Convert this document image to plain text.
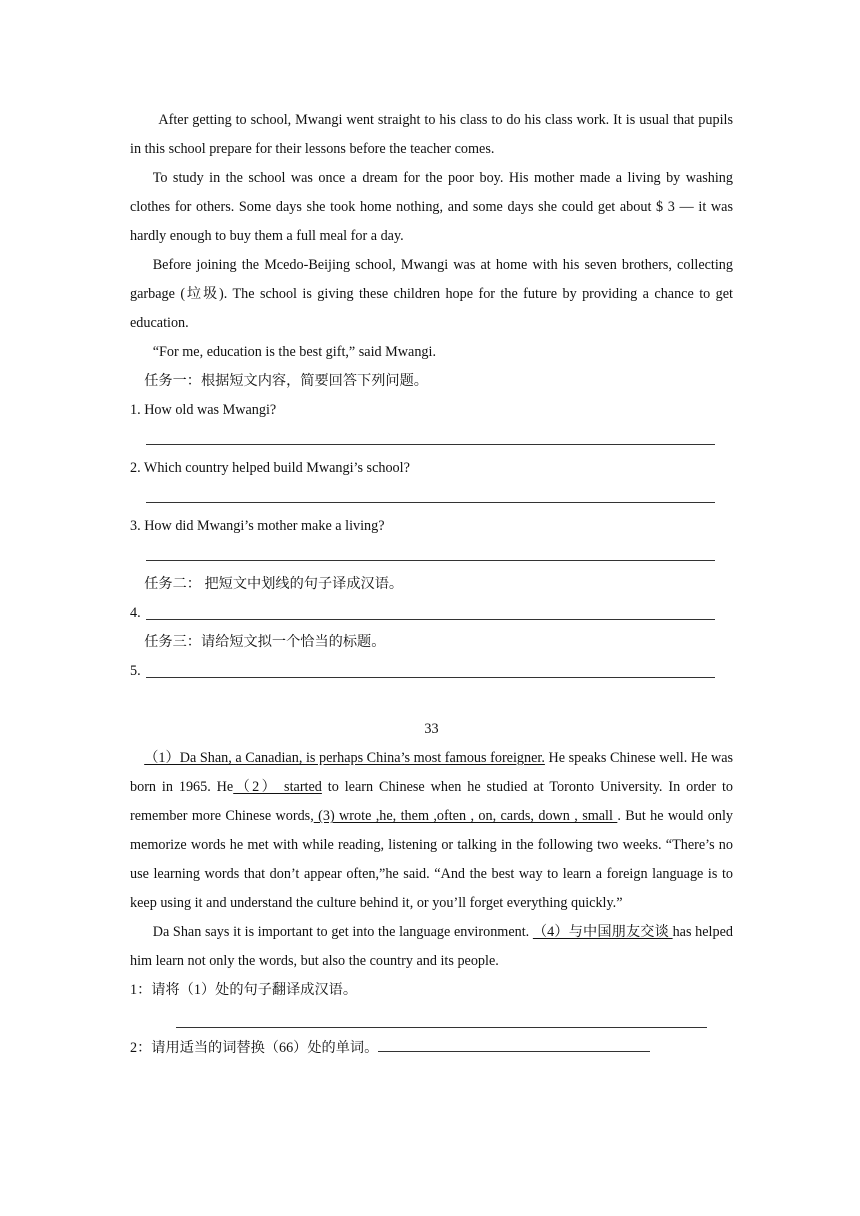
After getting to school, Mwangi went straight to his class to do his class work. It is usual that pupils in this school prepare for their lessons before the teacher comes.

To study in the school was once a dream for the poor boy. His mother made a living by washing clothes for others. Some days she took home nothing, and some days she could get about $ 3 — it was hardly enough to buy them a full meal for a day.

Before joining the Mcedo-Beijing school, Mwangi was at home with his seven brothers, collecting garbage (垃圾). The school is giving these children hope for the future by providing a chance to get education.

“For me, education is the best gift,” said Mwangi.

任务一：根据短文内容，简要回答下列问题。

1. How old was Mwangi?

2. Which country helped build Mwangi’s school?

3. How did Mwangi’s mother make a living?

任务二： 把短文中划线的句子译成汉语。

4.

任务三：请给短文拟一个恰当的标题。

5.

33

（1）Da Shan, a Canadian, is perhaps China’s most famous foreigner. He speaks Chinese well. He was born in 1965. He（2） started to learn Chinese when he studied at Toronto University. In order to remember more Chinese words, (3) wrote ,he, them ,often , on, cards, down , small . But he would only memorize words he met with while reading, listening or talking in the following two weeks. “There’s no use learning words that don’t appear often,”he said. “And the best way to learn a foreign language is to keep using it and understand the culture behind it, or you’ll forget everything quickly.”

Da Shan says it is important to get into the language environment. （4）与中国朋友交谈 has helped him learn not only the words, but also the country and its people.

1：请将（1）处的句子翻译成汉语。

2：请用适当的词替换（66）处的单词。
